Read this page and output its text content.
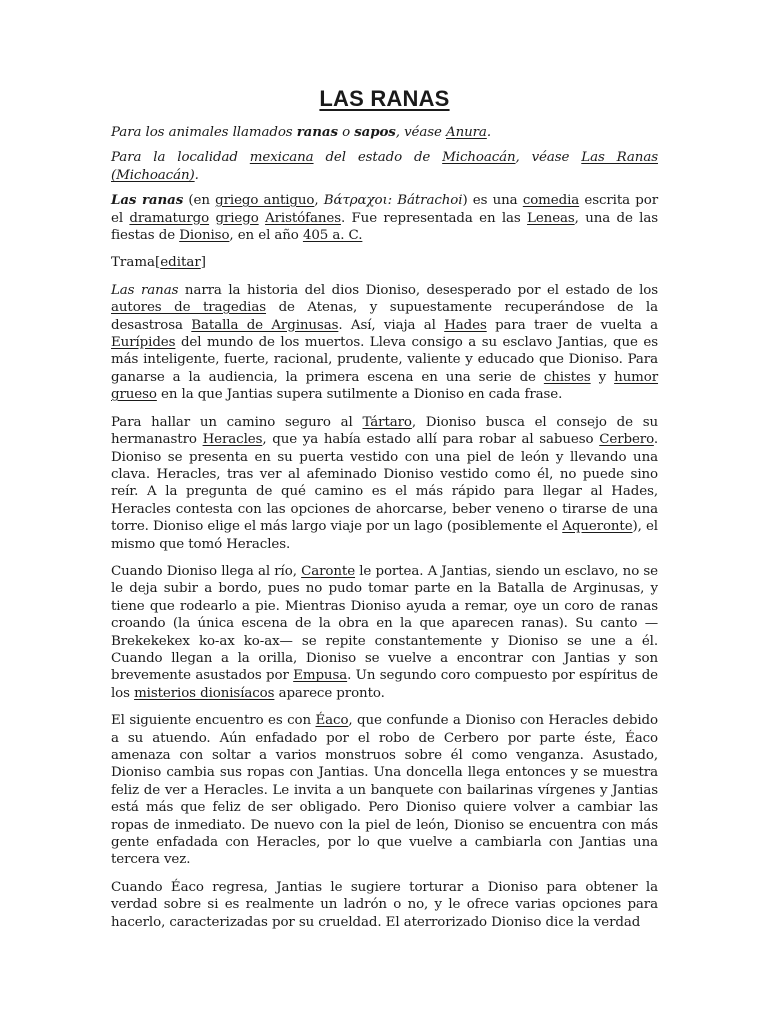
LAS RANAS

Para los animales llamados ranas o sapos, véase Anura.

Para la localidad mexicana del estado de Michoacán, véase Las Ranas (Michoacán).

Las ranas (en griego antiguo, Βάτραχοι: Bátrachoi) es una comedia escrita por el dramaturgo griego Aristófanes. Fue representada en las Leneas, una de las fiestas de Dioniso, en el año 405 a. C.

Trama[editar]

Las ranas narra la historia del dios Dioniso, desesperado por el estado de los autores de tragedias de Atenas, y supuestamente recuperándose de la desastrosa Batalla de Arginusas. Así, viaja al Hades para traer de vuelta a Eurípides del mundo de los muertos. Lleva consigo a su esclavo Jantias, que es más inteligente, fuerte, racional, prudente, valiente y educado que Dioniso. Para ganarse a la audiencia, la primera escena en una serie de chistes y humor grueso en la que Jantias supera sutilmente a Dioniso en cada frase.

Para hallar un camino seguro al Tártaro, Dioniso busca el consejo de su hermanastro Heracles, que ya había estado allí para robar al sabueso Cerbero. Dioniso se presenta en su puerta vestido con una piel de león y llevando una clava. Heracles, tras ver al afeminado Dioniso vestido como él, no puede sino reír. A la pregunta de qué camino es el más rápido para llegar al Hades, Heracles contesta con las opciones de ahorcarse, beber veneno o tirarse de una torre. Dioniso elige el más largo viaje por un lago (posiblemente el Aqueronte), el mismo que tomó Heracles.

Cuando Dioniso llega al río, Caronte le portea. A Jantias, siendo un esclavo, no se le deja subir a bordo, pues no pudo tomar parte en la Batalla de Arginusas, y tiene que rodearlo a pie. Mientras Dioniso ayuda a remar, oye un coro de ranas croando (la única escena de la obra en la que aparecen ranas). Su canto —Brekekekex ko-ax ko-ax— se repite constantemente y Dioniso se une a él. Cuando llegan a la orilla, Dioniso se vuelve a encontrar con Jantias y son brevemente asustados por Empusa. Un segundo coro compuesto por espíritus de los misterios dionisíacos aparece pronto.

El siguiente encuentro es con Éaco, que confunde a Dioniso con Heracles debido a su atuendo. Aún enfadado por el robo de Cerbero por parte éste, Éaco amenaza con soltar a varios monstruos sobre él como venganza. Asustado, Dioniso cambia sus ropas con Jantias. Una doncella llega entonces y se muestra feliz de ver a Heracles. Le invita a un banquete con bailarinas vírgenes y Jantias está más que feliz de ser obligado. Pero Dioniso quiere volver a cambiar las ropas de inmediato. De nuevo con la piel de león, Dioniso se encuentra con más gente enfadada con Heracles, por lo que vuelve a cambiarla con Jantias una tercera vez.

Cuando Éaco regresa, Jantias le sugiere torturar a Dioniso para obtener la verdad sobre si es realmente un ladrón o no, y le ofrece varias opciones para hacerlo, caracterizadas por su crueldad. El aterrorizado Dioniso dice la verdad
